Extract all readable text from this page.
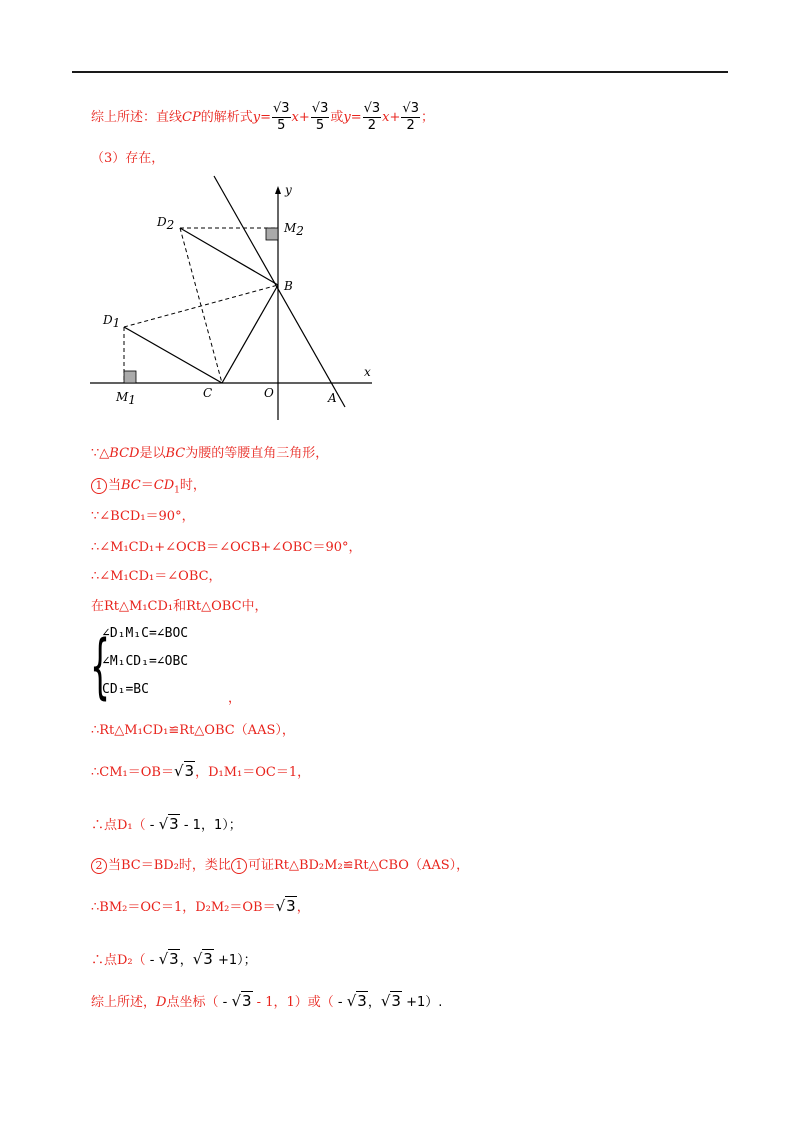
综上所述：直线CP的解析式$y= \frac{√3}{5} x+ \frac{√3}{5}$ 或$y= \frac{√3}{2} x+ \frac{√3}{2}$ ；
（3）存在，
y
x
D2	M2
B
D1
C	O	A
M1
∵△BCD是以BC为腰的等腰直角三角形，
1 当$BC=CD_1$时，
∵∠BCD₁＝90°，
∴∠M₁CD₁+∠OCB＝∠OCB+∠OBC＝90°，
∴∠M₁CD₁＝∠OBC，
在Rt△M₁CD₁和Rt△OBC中，
{
∠D₁M₁C=∠BOC
∠M₁CD₁=∠OBC
CD₁=BC
，
∴Rt△M₁CD₁≌Rt△OBC（AAS），
∴CM₁＝OB＝√3，D₁M₁＝OC＝1，
∴点D₁（ - √3 - 1，1）；
2 当BC＝BD₂时，类比 1 可证Rt△BD₂M₂≌Rt△CBO（AAS），
∴BM₂＝OC＝1，D₂M₂＝OB＝√3，
∴点D₂（ - √3，√3 +1）；
综上所述，D点坐标（ - √3 - 1，1）或（ - √3，√3 +1）.
